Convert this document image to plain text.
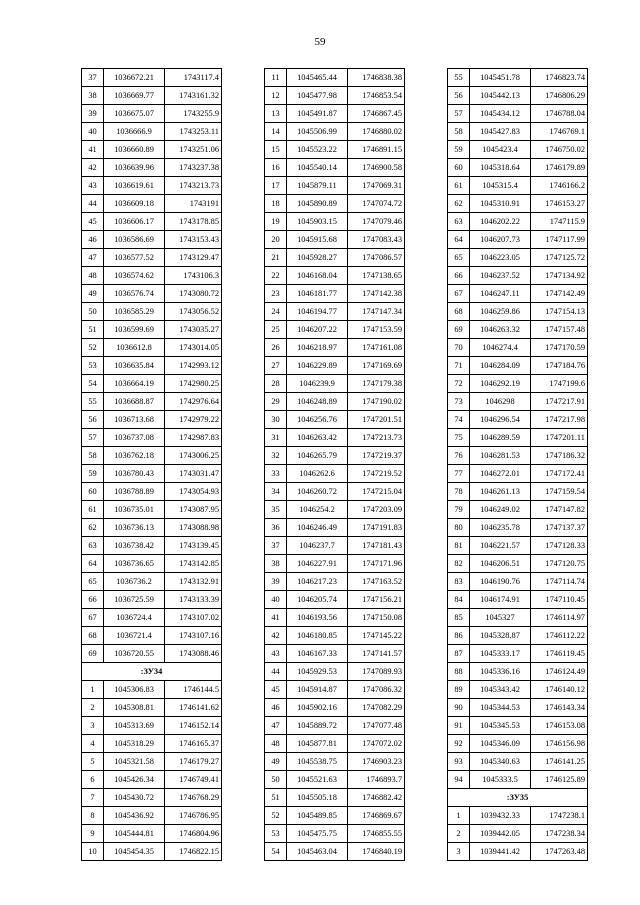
59
37	1036672.21	1743117.4
38	1036669.77	1743161.32
39	1036675.07	1743255.9
40	1036666.9	1743253.11
41	1036660.89	1743251.06
42	1036639.96	1743237.38
43	1036619.61	1743213.73
44	1036609.18	1743191
45	1036606.17	1743178.85
46	1036586.69	1743153.43
47	1036577.52	1743129.47
48	1036574.62	1743106.3
49	1036576.74	1743080.72
50	1036585.29	1743056.52
51	1036599.69	1743035.27
52	1036612.8	1743014.05
53	1036635.84	1742993.12
54	1036664.19	1742980.25
55	1036688.87	1742976.64
56	1036713.68	1742979.22
57	1036737.08	1742987.83
58	1036762.18	1743006.25
59	1036780.43	1743031.47
60	1036788.89	1743054.93
61	1036735.01	1743087.95
62	1036736.13	1743088.98
63	1036738.42	1743139.45
64	1036736.65	1743142.85
65	1036736.2	1743132.91
66	1036725.59	1743133.39
67	1036724.4	1743107.02
68	1036721.4	1743107.16
69	1036720.55	1743088.46
:ЗУ34		
1	1045306.83	1746144.5
2	1045308.81	1746141.62
3	1045313.69	1746152.14
4	1045318.29	1746165.37
5	1045321.58	1746179.27
6	1045426.34	1746749.41
7	1045430.72	1746768.29
8	1045436.92	1746786.95
9	1045444.81	1746804.96
10	1045454.35	1746822.15
11	1045465.44	1746838.38
12	1045477.98	1746853.54
13	1045491.87	1746867.45
14	1045506.99	1746880.02
15	1045523.22	1746891.15
16	1045540.14	1746900.58
17	1045879.11	1747069.31
18	1045890.89	1747074.72
19	1045903.15	1747079.46
20	1045915.68	1747083.43
21	1045928.27	1747086.57
22	1046168.04	1747138.65
23	1046181.77	1747142.38
24	1046194.77	1747147.34
25	1046207.22	1747153.59
26	1046218.97	1747161.08
27	1046229.89	1747169.69
28	1046239.9	1747179.38
29	1046248.89	1747190.02
30	1046256.76	1747201.51
31	1046263.42	1747213.73
32	1046265.79	1747219.37
33	1046262.6	1747219.52
34	1046260.72	1747215.04
35	1046254.2	1747203.09
36	1046246.49	1747191.83
37	1046237.7	1747181.43
38	1046227.91	1747171.96
39	1046217.23	1747163.52
40	1046205.74	1747156.21
41	1046193.56	1747150.08
42	1046180.85	1747145.22
43	1046167.33	1747141.57
44	1045929.53	1747089.93
45	1045914.87	1747086.32
46	1045902.16	1747082.29
47	1045889.72	1747077.48
48	1045877.81	1747072.02
49	1045538.75	1746903.23
50	1045521.63	1746893.7
51	1045505.18	1746882.42
52	1045489.85	1746869.67
53	1045475.75	1746855.55
54	1045463.04	1746840.19
55	1045451.78	1746823.74
56	1045442.13	1746806.29
57	1045434.12	1746788.04
58	1045427.83	1746769.1
59	1045423.4	1746750.02
60	1045318.64	1746179.89
61	1045315.4	1746166.2
62	1045310.91	1746153.27
63	1046202.22	1747115.9
64	1046207.73	1747117.99
65	1046223.05	1747125.72
66	1046237.52	1747134.92
67	1046247.11	1747142.49
68	1046259.86	1747154.13
69	1046263.32	1747157.48
70	1046274.4	1747170.59
71	1046284.09	1747184.76
72	1046292.19	1747199.6
73	1046298	1747217.91
74	1046296.54	1747217.98
75	1046289.59	1747201.11
76	1046281.53	1747186.32
77	1046272.01	1747172.41
78	1046261.13	1747159.54
79	1046249.02	1747147.82
80	1046235.78	1747137.37
81	1046221.57	1747128.33
82	1046206.51	1747120.75
83	1046190.76	1747114.74
84	1046174.91	1747110.45
85	1045327	1746114.97
86	1045328.87	1746112.22
87	1045333.17	1746119.45
88	1045336.16	1746124.49
89	1045343.42	1746140.12
90	1045344.53	1746143.34
91	1045345.53	1746153.08
92	1045346.09	1746156.98
93	1045340.63	1746141.25
94	1045333.5	1746125.89
:ЗУ35		
1	1039432.33	1747238.1
2	1039442.05	1747238.34
3	1039441.42	1747263.48
